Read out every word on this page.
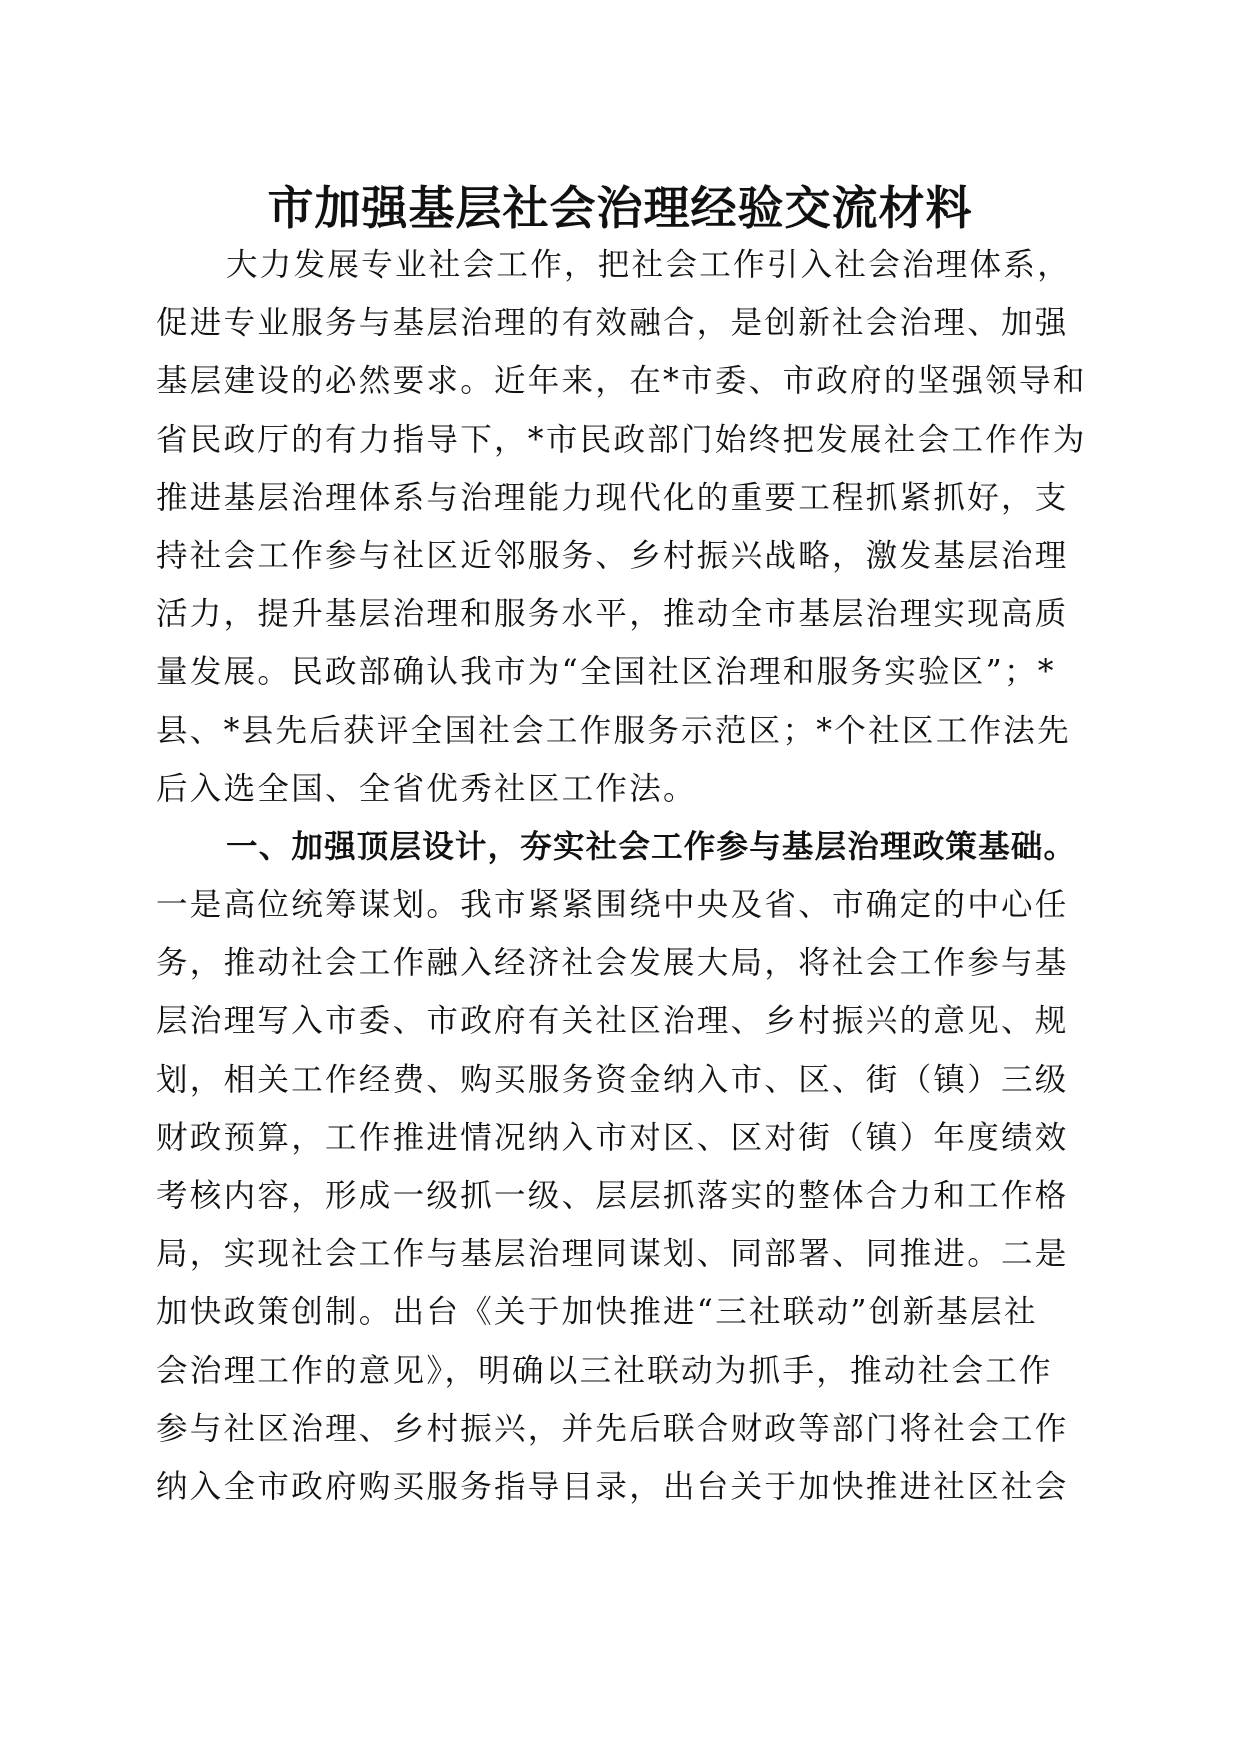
市加强基层社会治理经验交流材料
大力发展专业社会工作，把社会工作引入社会治理体系，
促进专业服务与基层治理的有效融合，是创新社会治理、加强
基层建设的必然要求。近年来，在*市委、市政府的坚强领导和
省民政厅的有力指导下，*市民政部门始终把发展社会工作作为
推进基层治理体系与治理能力现代化的重要工程抓紧抓好，支
持社会工作参与社区近邻服务、乡村振兴战略，激发基层治理
活力，提升基层治理和服务水平，推动全市基层治理实现高质
量发展。民政部确认我市为“全国社区治理和服务实验区”；*
县、*县先后获评全国社会工作服务示范区；*个社区工作法先
后入选全国、全省优秀社区工作法。
一、加强顶层设计，夯实社会工作参与基层治理政策基础。
一是高位统筹谋划。我市紧紧围绕中央及省、市确定的中心任
务，推动社会工作融入经济社会发展大局，将社会工作参与基
层治理写入市委、市政府有关社区治理、乡村振兴的意见、规
划，相关工作经费、购买服务资金纳入市、区、街（镇）三级
财政预算，工作推进情况纳入市对区、区对街（镇）年度绩效
考核内容，形成一级抓一级、层层抓落实的整体合力和工作格
局，实现社会工作与基层治理同谋划、同部署、同推进。二是
加快政策创制。出台《关于加快推进“三社联动”创新基层社
会治理工作的意见》，明确以三社联动为抓手，推动社会工作
参与社区治理、乡村振兴，并先后联合财政等部门将社会工作
纳入全市政府购买服务指导目录，出台关于加快推进社区社会
